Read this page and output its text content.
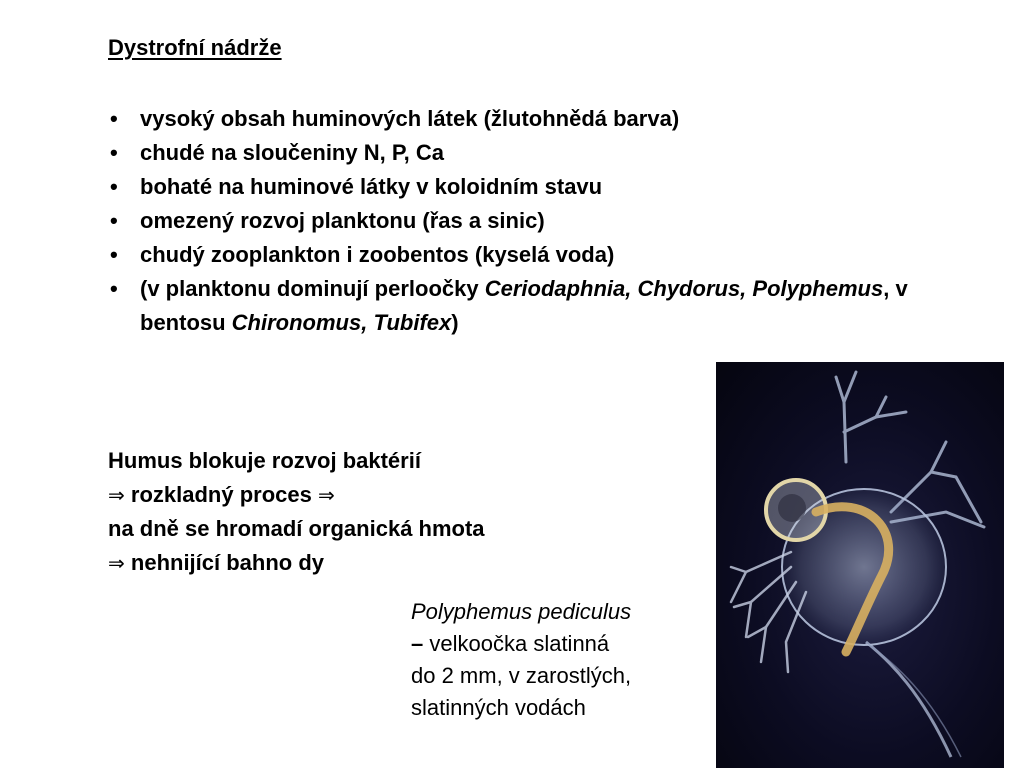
Dystrofní nádrže
• vysoký obsah huminových látek (žlutohnědá barva)
• chudé na sloučeniny N, P, Ca
• bohaté na huminové látky v koloidním stavu
• omezený rozvoj planktonu (řas a sinic)
• chudý zooplankton i zoobentos (kyselá voda)
• (v planktonu dominují perloočky Ceriodaphnia, Chydorus, Polyphemus, v bentosu Chironomus, Tubifex)
Humus blokuje rozvoj baktérií
⇒ rozkladný proces ⇒
na dně se hromadí organická hmota
⇒ nehnijící bahno dy
Polyphemus pediculus
– velkoočka slatinná
do 2 mm, v zarostlých,
slatinných vodách
